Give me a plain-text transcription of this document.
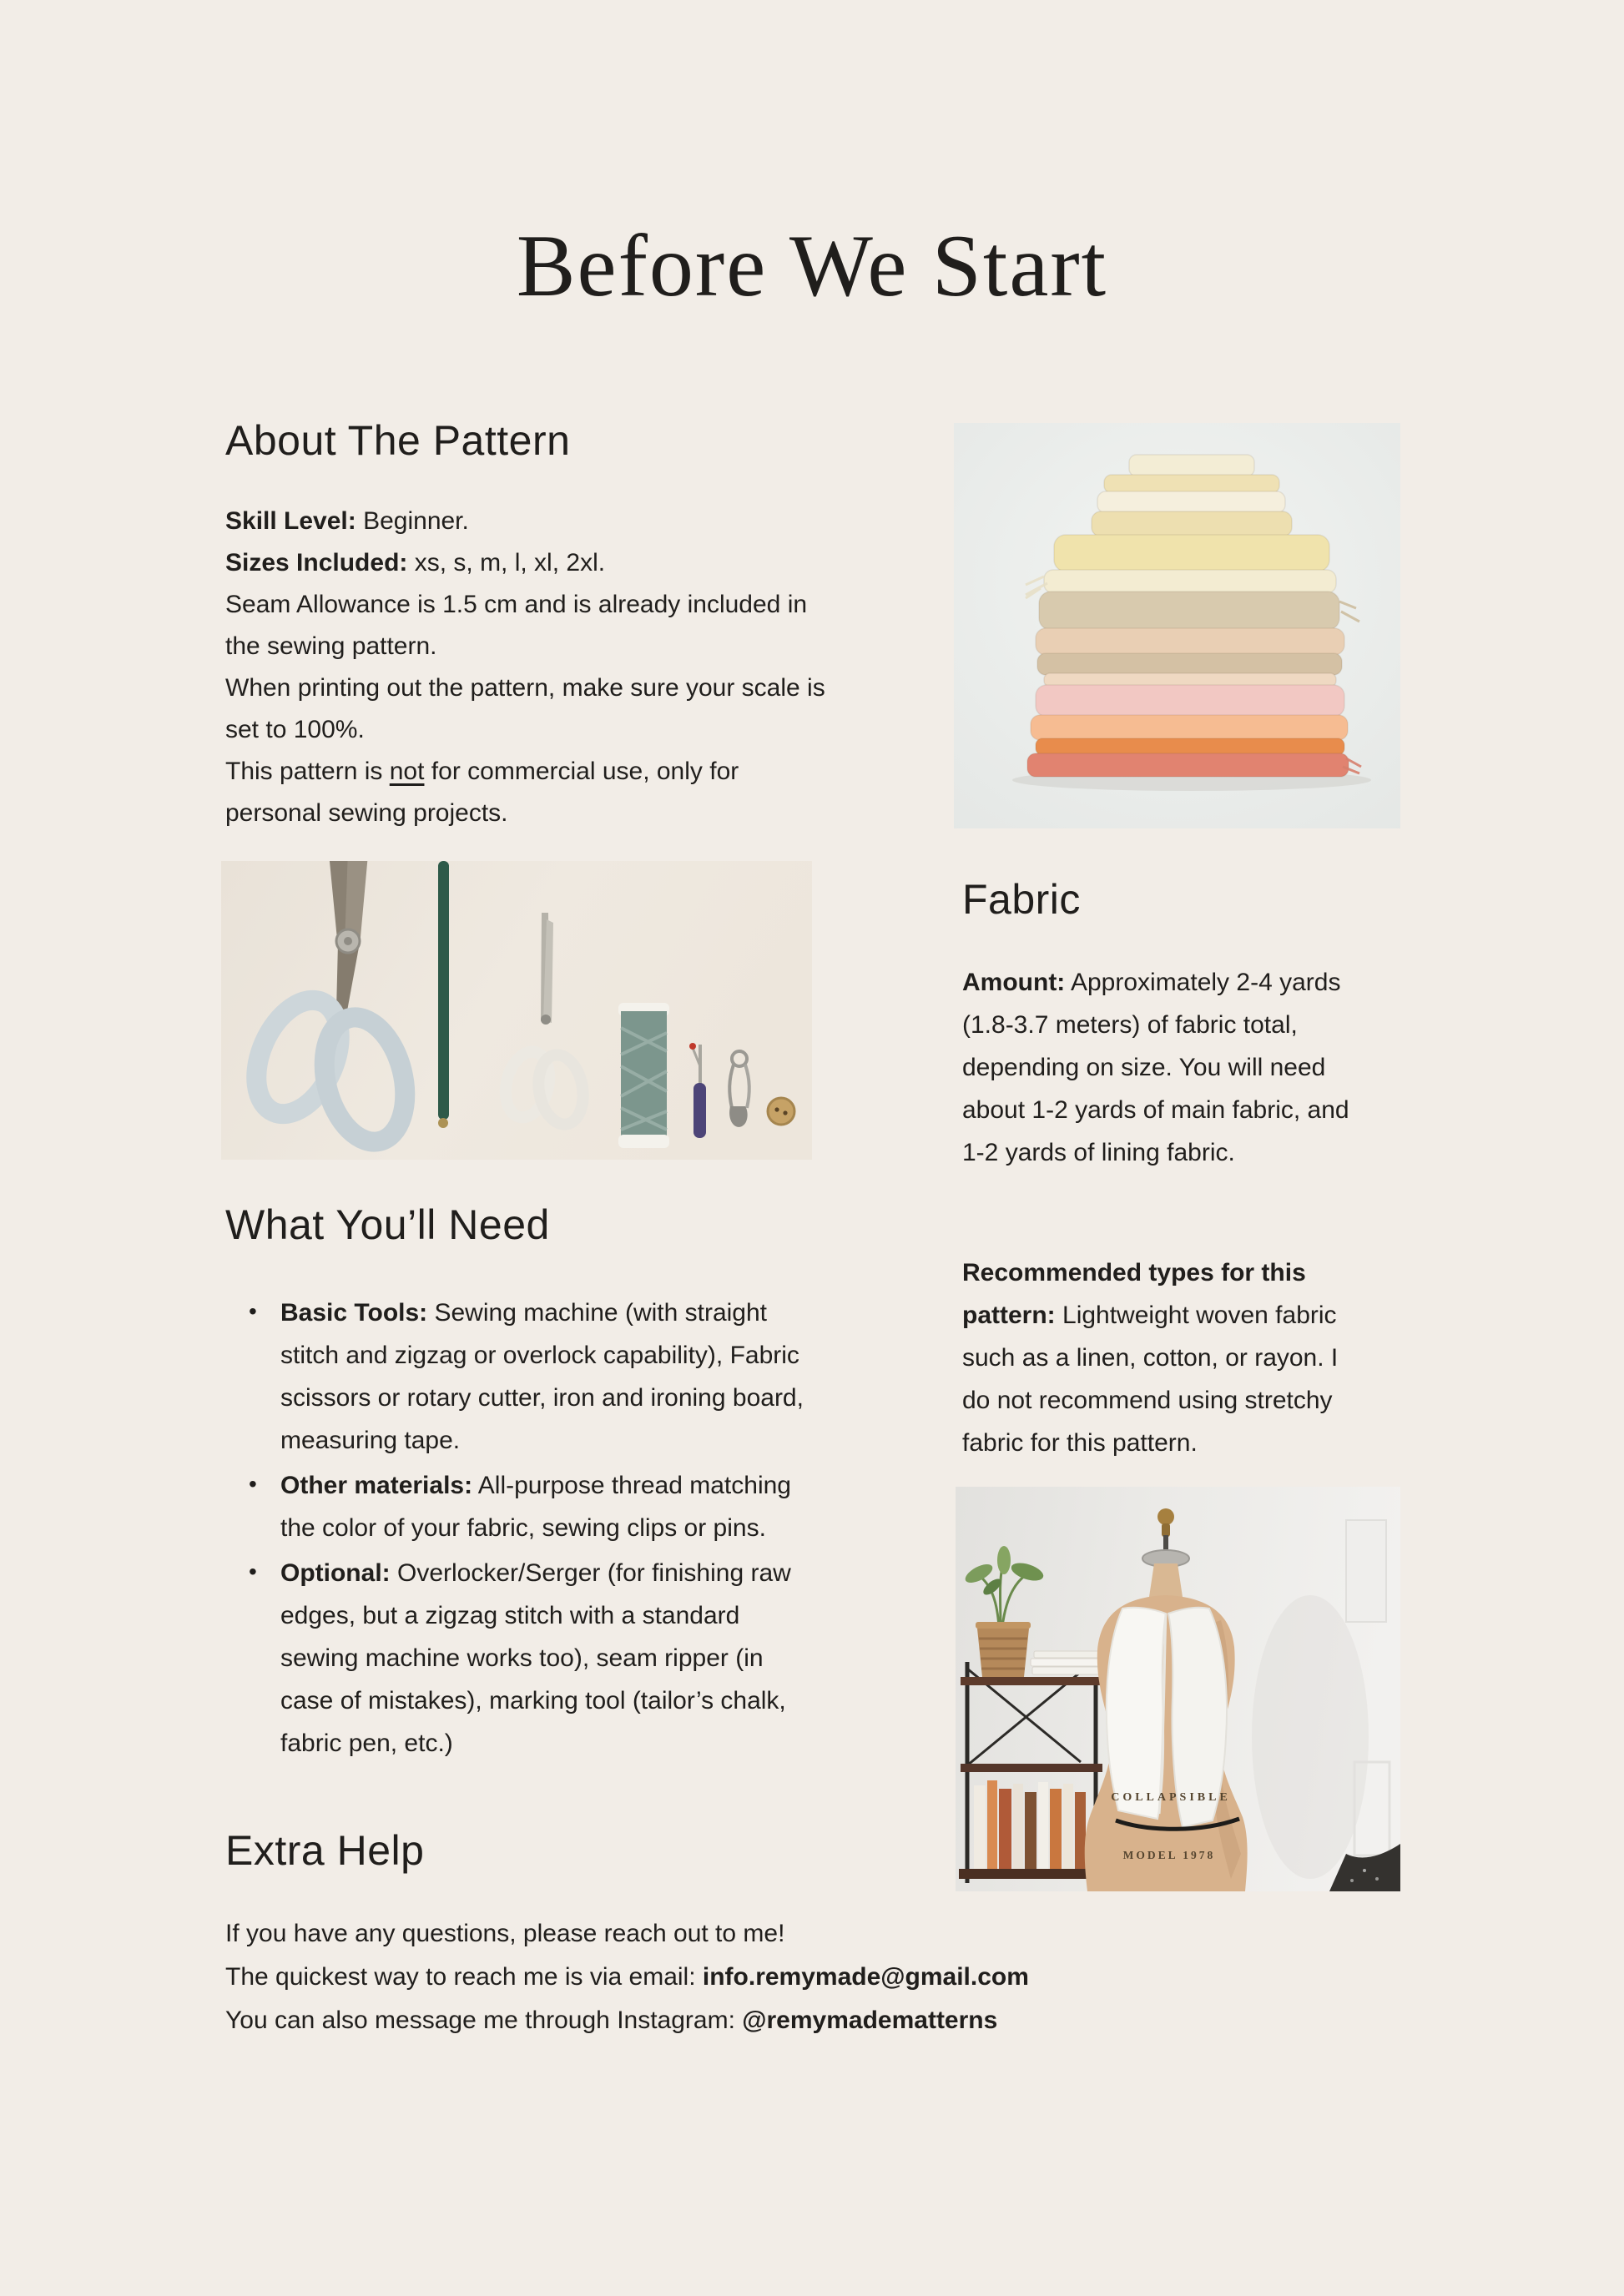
Before We Start
About The Pattern
Skill Level: Beginner.
Sizes Included: xs, s, m, l, xl, 2xl.
Seam Allowance is 1.5 cm and is already included in the sewing pattern.
When printing out the pattern, make sure your scale is set to 100%.
This pattern is not for commercial use, only for personal sewing projects.
What You’ll Need
• Basic Tools: Sewing machine (with straight stitch and zigzag or overlock capability), Fabric scissors or rotary cutter, iron and ironing board, measuring tape.
• Other materials: All-purpose thread matching the color of your fabric, sewing clips or pins.
• Optional: Overlocker/Serger (for finishing raw edges, but a zigzag stitch with a standard sewing machine works too), seam ripper (in case of mistakes), marking tool (tailor’s chalk, fabric pen, etc.)
Fabric
Amount: Approximately 2-4 yards (1.8-3.7 meters) of fabric total, depending on size. You will need about 1-2 yards of main fabric, and 1-2 yards of lining fabric.
Recommended types for this pattern: Lightweight woven fabric such as a linen, cotton, or rayon. I do not recommend using stretchy fabric for this pattern.
COLLAPSIBLE
MODEL 1978
Extra Help
If you have any questions, please reach out to me!
The quickest way to reach me is via email: info.remymade@gmail.com
You can also message me through Instagram: @remymadematterns
